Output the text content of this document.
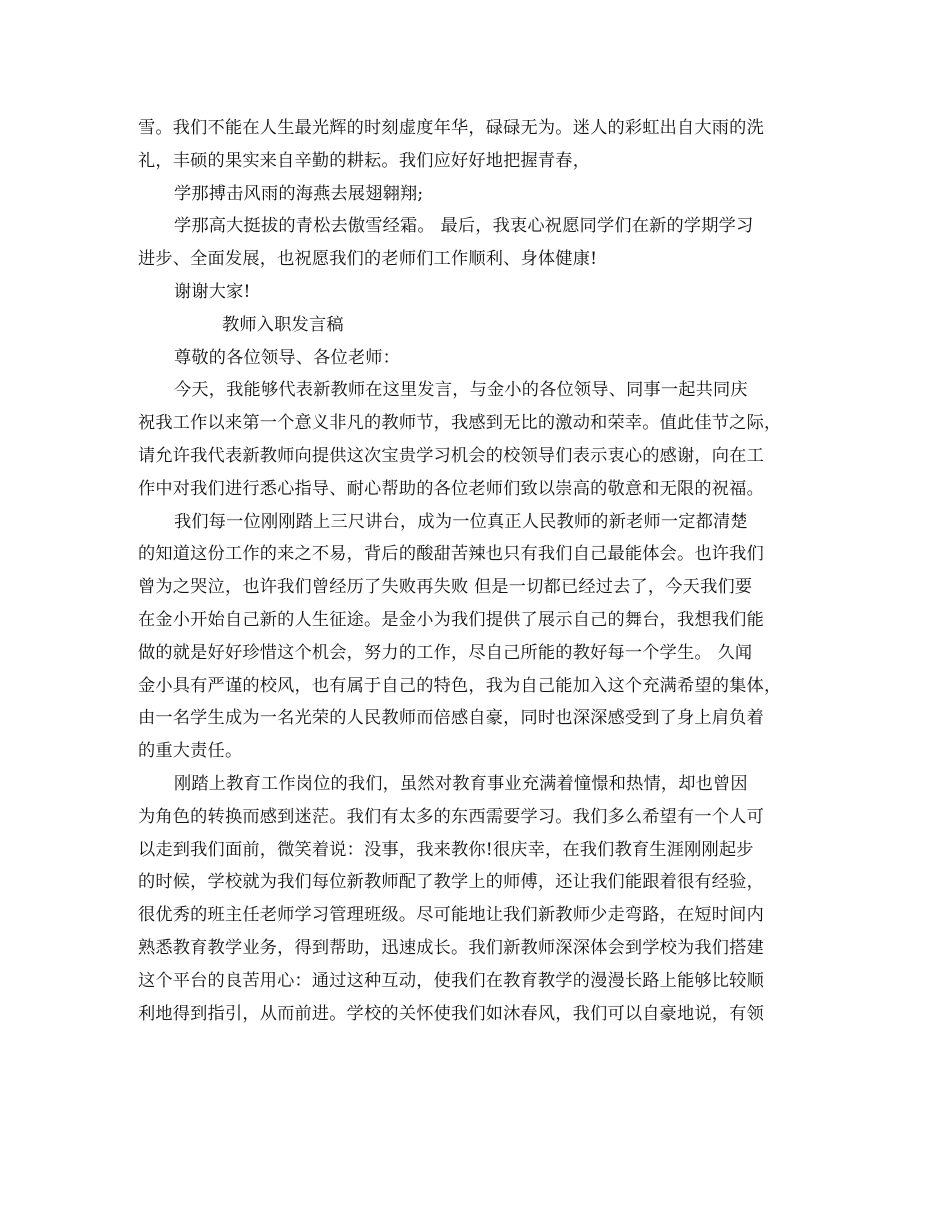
雪。我们不能在人生最光辉的时刻虚度年华，碌碌无为。迷人的彩虹出自大雨的洗
礼，丰硕的果实来自辛勤的耕耘。我们应好好地把握青春，
学那搏击风雨的海燕去展翅翱翔;
学那高大挺拔的青松去傲雪经霜。 最后，我衷心祝愿同学们在新的学期学习
进步、全面发展，也祝愿我们的老师们工作顺利、身体健康!
谢谢大家!
教师入职发言稿
尊敬的各位领导、各位老师：
今天，我能够代表新教师在这里发言，与金小的各位领导、同事一起共同庆
祝我工作以来第一个意义非凡的教师节，我感到无比的激动和荣幸。值此佳节之际，
请允许我代表新教师向提供这次宝贵学习机会的校领导们表示衷心的感谢，向在工
作中对我们进行悉心指导、耐心帮助的各位老师们致以崇高的敬意和无限的祝福。
我们每一位刚刚踏上三尺讲台，成为一位真正人民教师的新老师一定都清楚
的知道这份工作的来之不易，背后的酸甜苦辣也只有我们自己最能体会。也许我们
曾为之哭泣，也许我们曾经历了失败再失败 但是一切都已经过去了，今天我们要
在金小开始自己新的人生征途。是金小为我们提供了展示自己的舞台，我想我们能
做的就是好好珍惜这个机会，努力的工作，尽自己所能的教好每一个学生。 久闻
金小具有严谨的校风，也有属于自己的特色，我为自己能加入这个充满希望的集体，
由一名学生成为一名光荣的人民教师而倍感自豪，同时也深深感受到了身上肩负着
的重大责任。
刚踏上教育工作岗位的我们，虽然对教育事业充满着憧憬和热情，却也曾因
为角色的转换而感到迷茫。我们有太多的东西需要学习。我们多么希望有一个人可
以走到我们面前，微笑着说：没事，我来教你!很庆幸，在我们教育生涯刚刚起步
的时候，学校就为我们每位新教师配了教学上的师傅，还让我们能跟着很有经验，
很优秀的班主任老师学习管理班级。尽可能地让我们新教师少走弯路，在短时间内
熟悉教育教学业务，得到帮助，迅速成长。我们新教师深深体会到学校为我们搭建
这个平台的良苦用心：通过这种互动，使我们在教育教学的漫漫长路上能够比较顺
利地得到指引，从而前进。学校的关怀使我们如沐春风，我们可以自豪地说，有领
